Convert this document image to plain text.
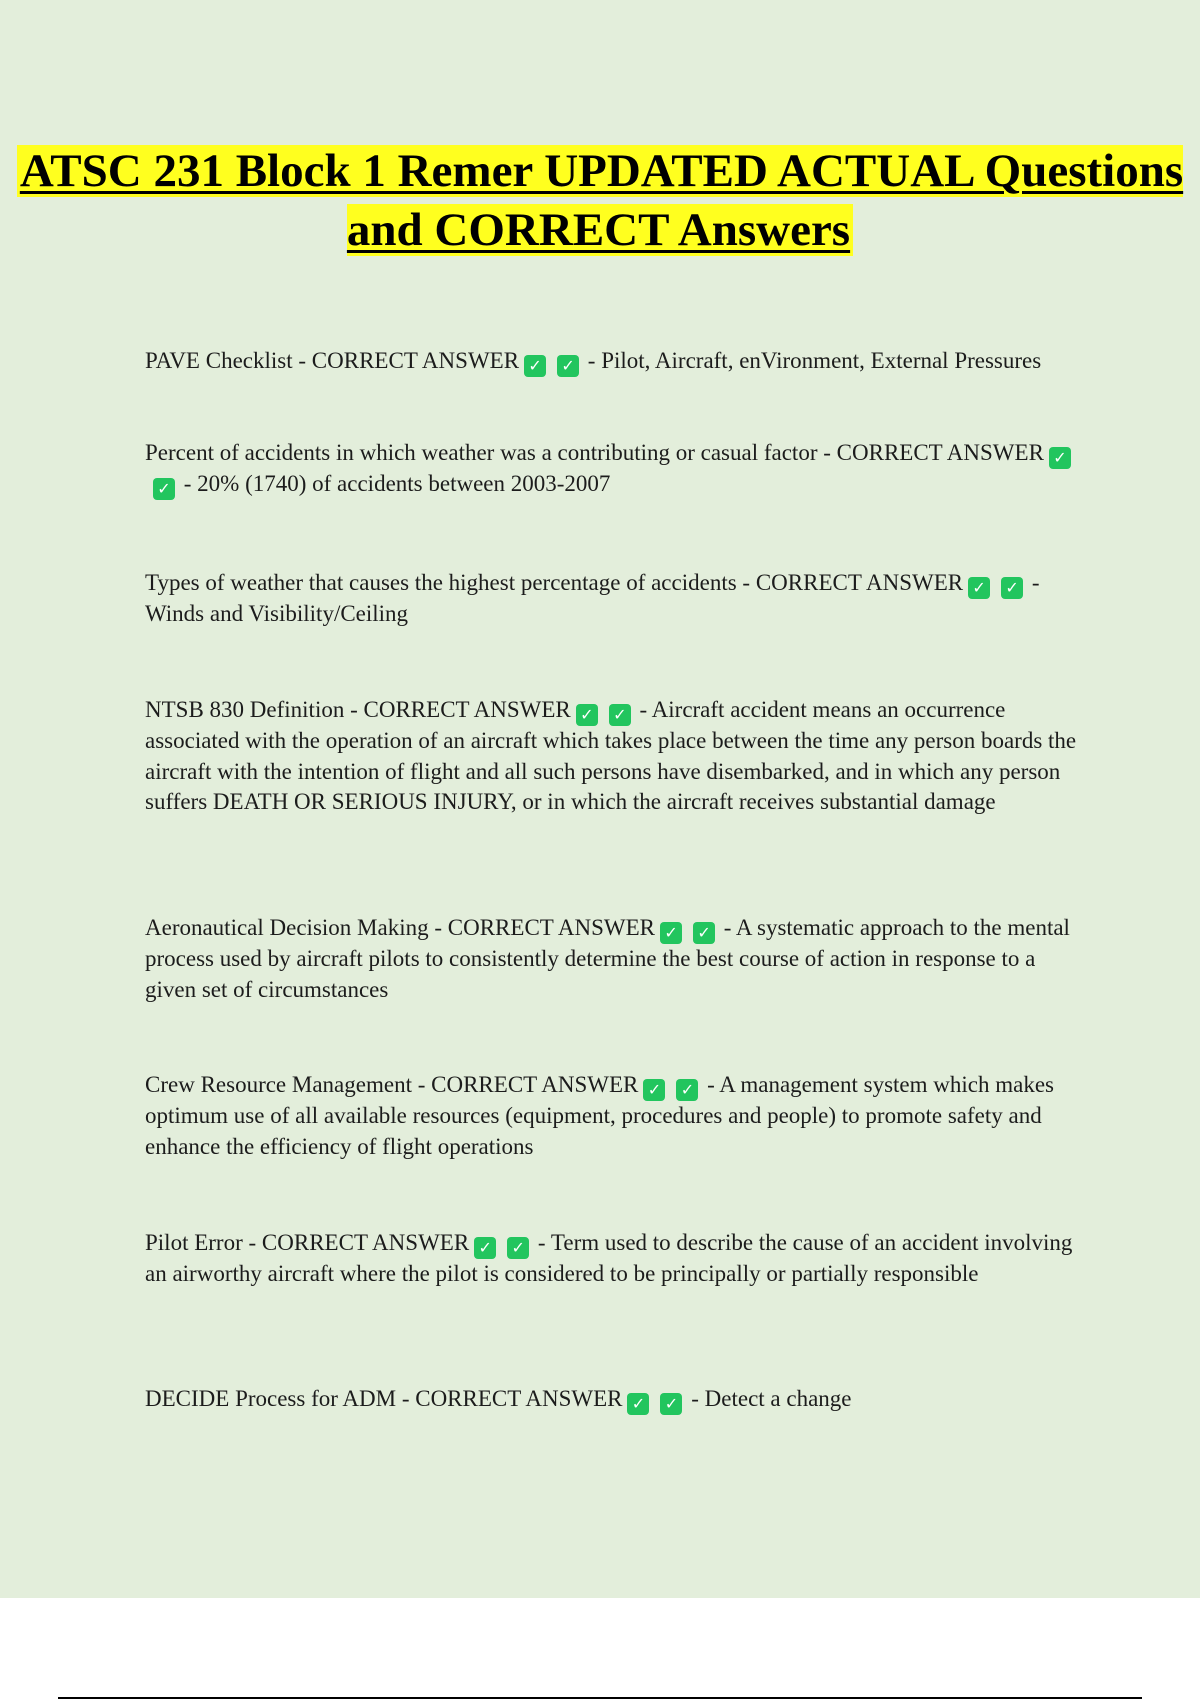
ATSC 231 Block 1 Remer UPDATED ACTUAL Questions and CORRECT Answers

PAVE Checklist - CORRECT ANSWER ✓ ✓ - Pilot, Aircraft, enVironment, External Pressures

Percent of accidents in which weather was a contributing or casual factor - CORRECT ANSWER ✓✓ - 20% (1740) of accidents between 2003-2007

Types of weather that causes the highest percentage of accidents - CORRECT ANSWER ✓ ✓ - Winds and Visibility/Ceiling

NTSB 830 Definition - CORRECT ANSWER ✓ ✓ - Aircraft accident means an occurrence associated with the operation of an aircraft which takes place between the time any person boards the aircraft with the intention of flight and all such persons have disembarked, and in which any person suffers DEATH OR SERIOUS INJURY, or in which the aircraft receives substantial damage

Aeronautical Decision Making - CORRECT ANSWER ✓ ✓ - A systematic approach to the mental process used by aircraft pilots to consistently determine the best course of action in response to a given set of circumstances

Crew Resource Management - CORRECT ANSWER ✓ ✓ - A management system which makes optimum use of all available resources (equipment, procedures and people) to promote safety and enhance the efficiency of flight operations

Pilot Error - CORRECT ANSWER ✓ ✓ - Term used to describe the cause of an accident involving an airworthy aircraft where the pilot is considered to be principally or partially responsible

DECIDE Process for ADM - CORRECT ANSWER ✓ ✓ - Detect a change
